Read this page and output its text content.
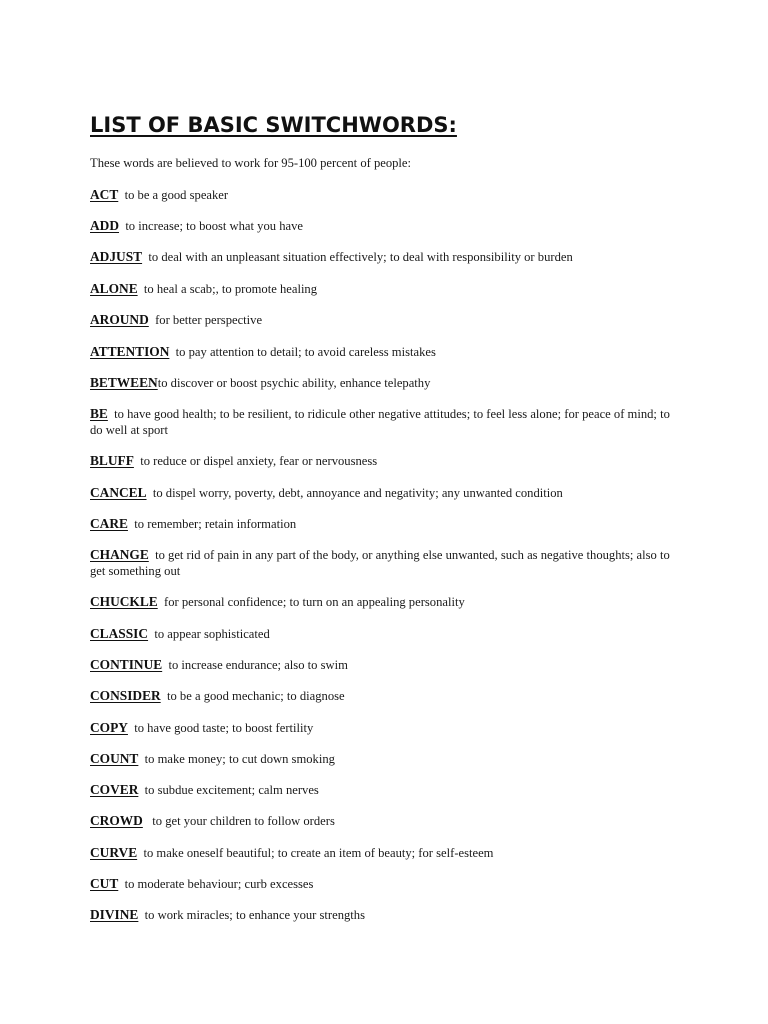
LIST OF BASIC SWITCHWORDS:

These words are believed to work for 95-100 percent of people:

ACT to be a good speaker
ADD to increase; to boost what you have
ADJUST to deal with an unpleasant situation effectively; to deal with responsibility or burden
ALONE to heal a scab;, to promote healing
AROUND for better perspective
ATTENTION to pay attention to detail; to avoid careless mistakes
BETWEENto discover or boost psychic ability, enhance telepathy
BE to have good health; to be resilient, to ridicule other negative attitudes; to feel less alone; for peace of mind; to do well at sport
BLUFF to reduce or dispel anxiety, fear or nervousness
CANCEL to dispel worry, poverty, debt, annoyance and negativity; any unwanted condition
CARE to remember; retain information
CHANGE to get rid of pain in any part of the body, or anything else unwanted, such as negative thoughts; also to get something out
CHUCKLE for personal confidence; to turn on an appealing personality
CLASSIC to appear sophisticated
CONTINUE to increase endurance; also to swim
CONSIDER to be a good mechanic; to diagnose
COPY to have good taste; to boost fertility
COUNT to make money; to cut down smoking
COVER to subdue excitement; calm nerves
CROWD to get your children to follow orders
CURVE to make oneself beautiful; to create an item of beauty; for self-esteem
CUT to moderate behaviour; curb excesses
DIVINE to work miracles; to enhance your strengths
